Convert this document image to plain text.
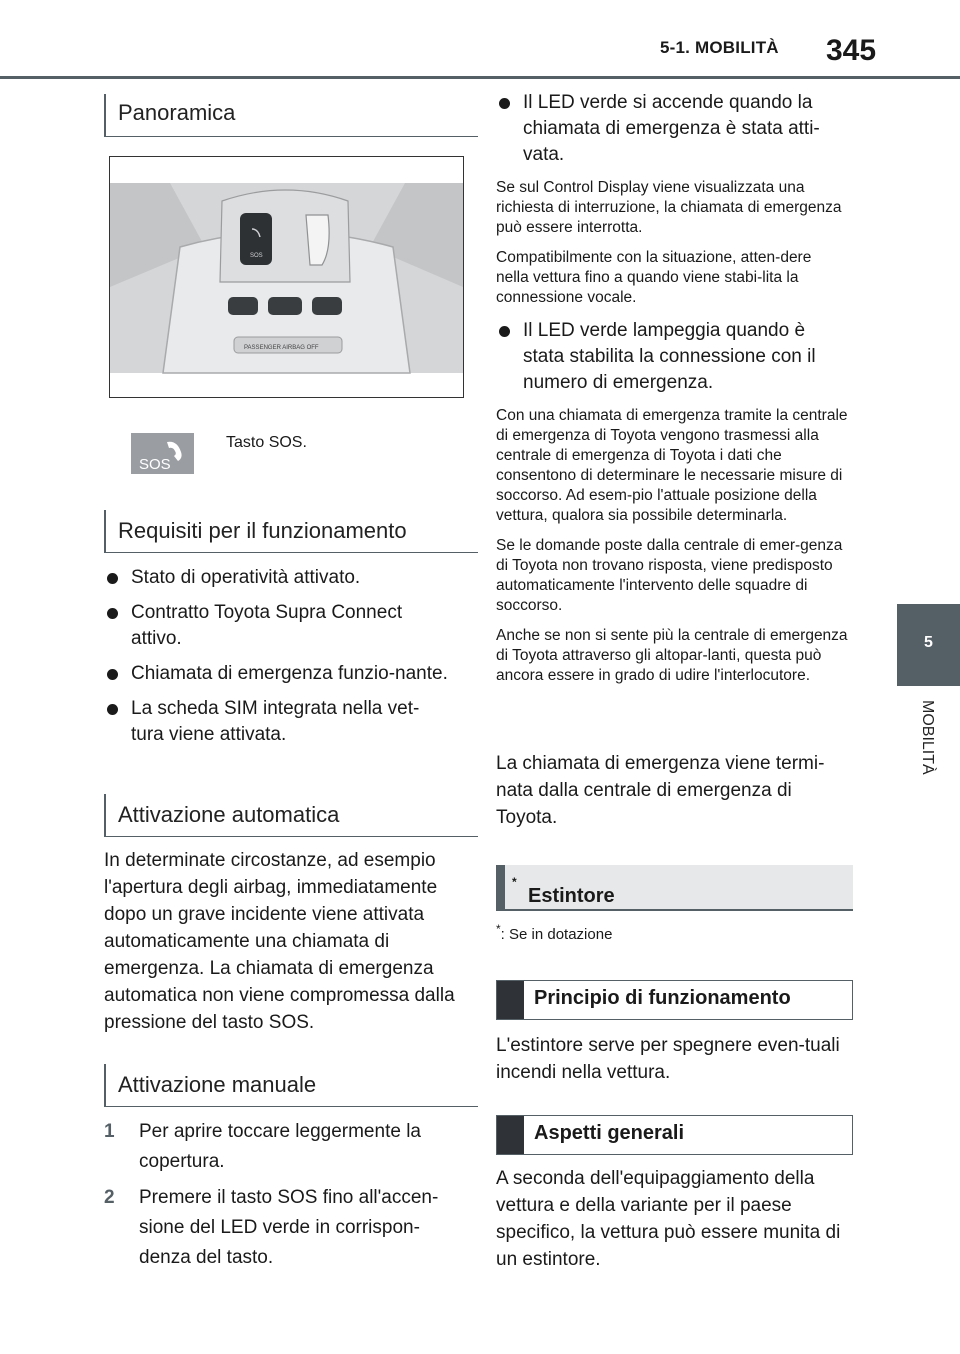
5-1. MOBILITÀ 345
5
MOBILITÀ
Panoramica
SOS
PASSENGER AIRBAG OFF
SOS
Tasto SOS.
Requisiti per il funzionamento
Stato di operatività attivato.
Contratto Toyota Supra Connect attivo.
Chiamata di emergenza funzio-nante.
La scheda SIM integrata nella vet-tura viene attivata.
Attivazione automatica
In determinate circostanze, ad esempio l'apertura degli airbag, immediatamente dopo un grave incidente viene attivata automaticamente una chiamata di emergenza. La chiamata di emergenza automatica non viene compromessa dalla pressione del tasto SOS.
Attivazione manuale
1 Per aprire toccare leggermente la copertura.
2 Premere il tasto SOS fino all'accen-sione del LED verde in corrispon-denza del tasto.
Il LED verde si accende quando la chiamata di emergenza è stata atti-vata.

Se sul Control Display viene visualizzata una richiesta di interruzione, la chiamata di emergenza può essere interrotta.

Compatibilmente con la situazione, atten-dere nella vettura fino a quando viene stabi-lita la connessione vocale.

Il LED verde lampeggia quando è stata stabilita la connessione con il numero di emergenza.

Con una chiamata di emergenza tramite la centrale di emergenza di Toyota vengono trasmessi alla centrale di emergenza di Toyota i dati che consentono di determinare le necessarie misure di soccorso. Ad esem-pio l'attuale posizione della vettura, qualora sia possibile determinarla.

Se le domande poste dalla centrale di emer-genza di Toyota non trovano risposta, viene predisposto automaticamente l'intervento delle squadre di soccorso.

Anche se non si sente più la centrale di emergenza di Toyota attraverso gli altopar-lanti, questa può ancora essere in grado di udire l'interlocutore.

La chiamata di emergenza viene termi-nata dalla centrale di emergenza di Toyota.
Estintore
*
*: Se in dotazione
Principio di funzionamento
L'estintore serve per spegnere even-tuali incendi nella vettura.
Aspetti generali
A seconda dell'equipaggiamento della vettura e della variante per il paese specifico, la vettura può essere munita di un estintore.
